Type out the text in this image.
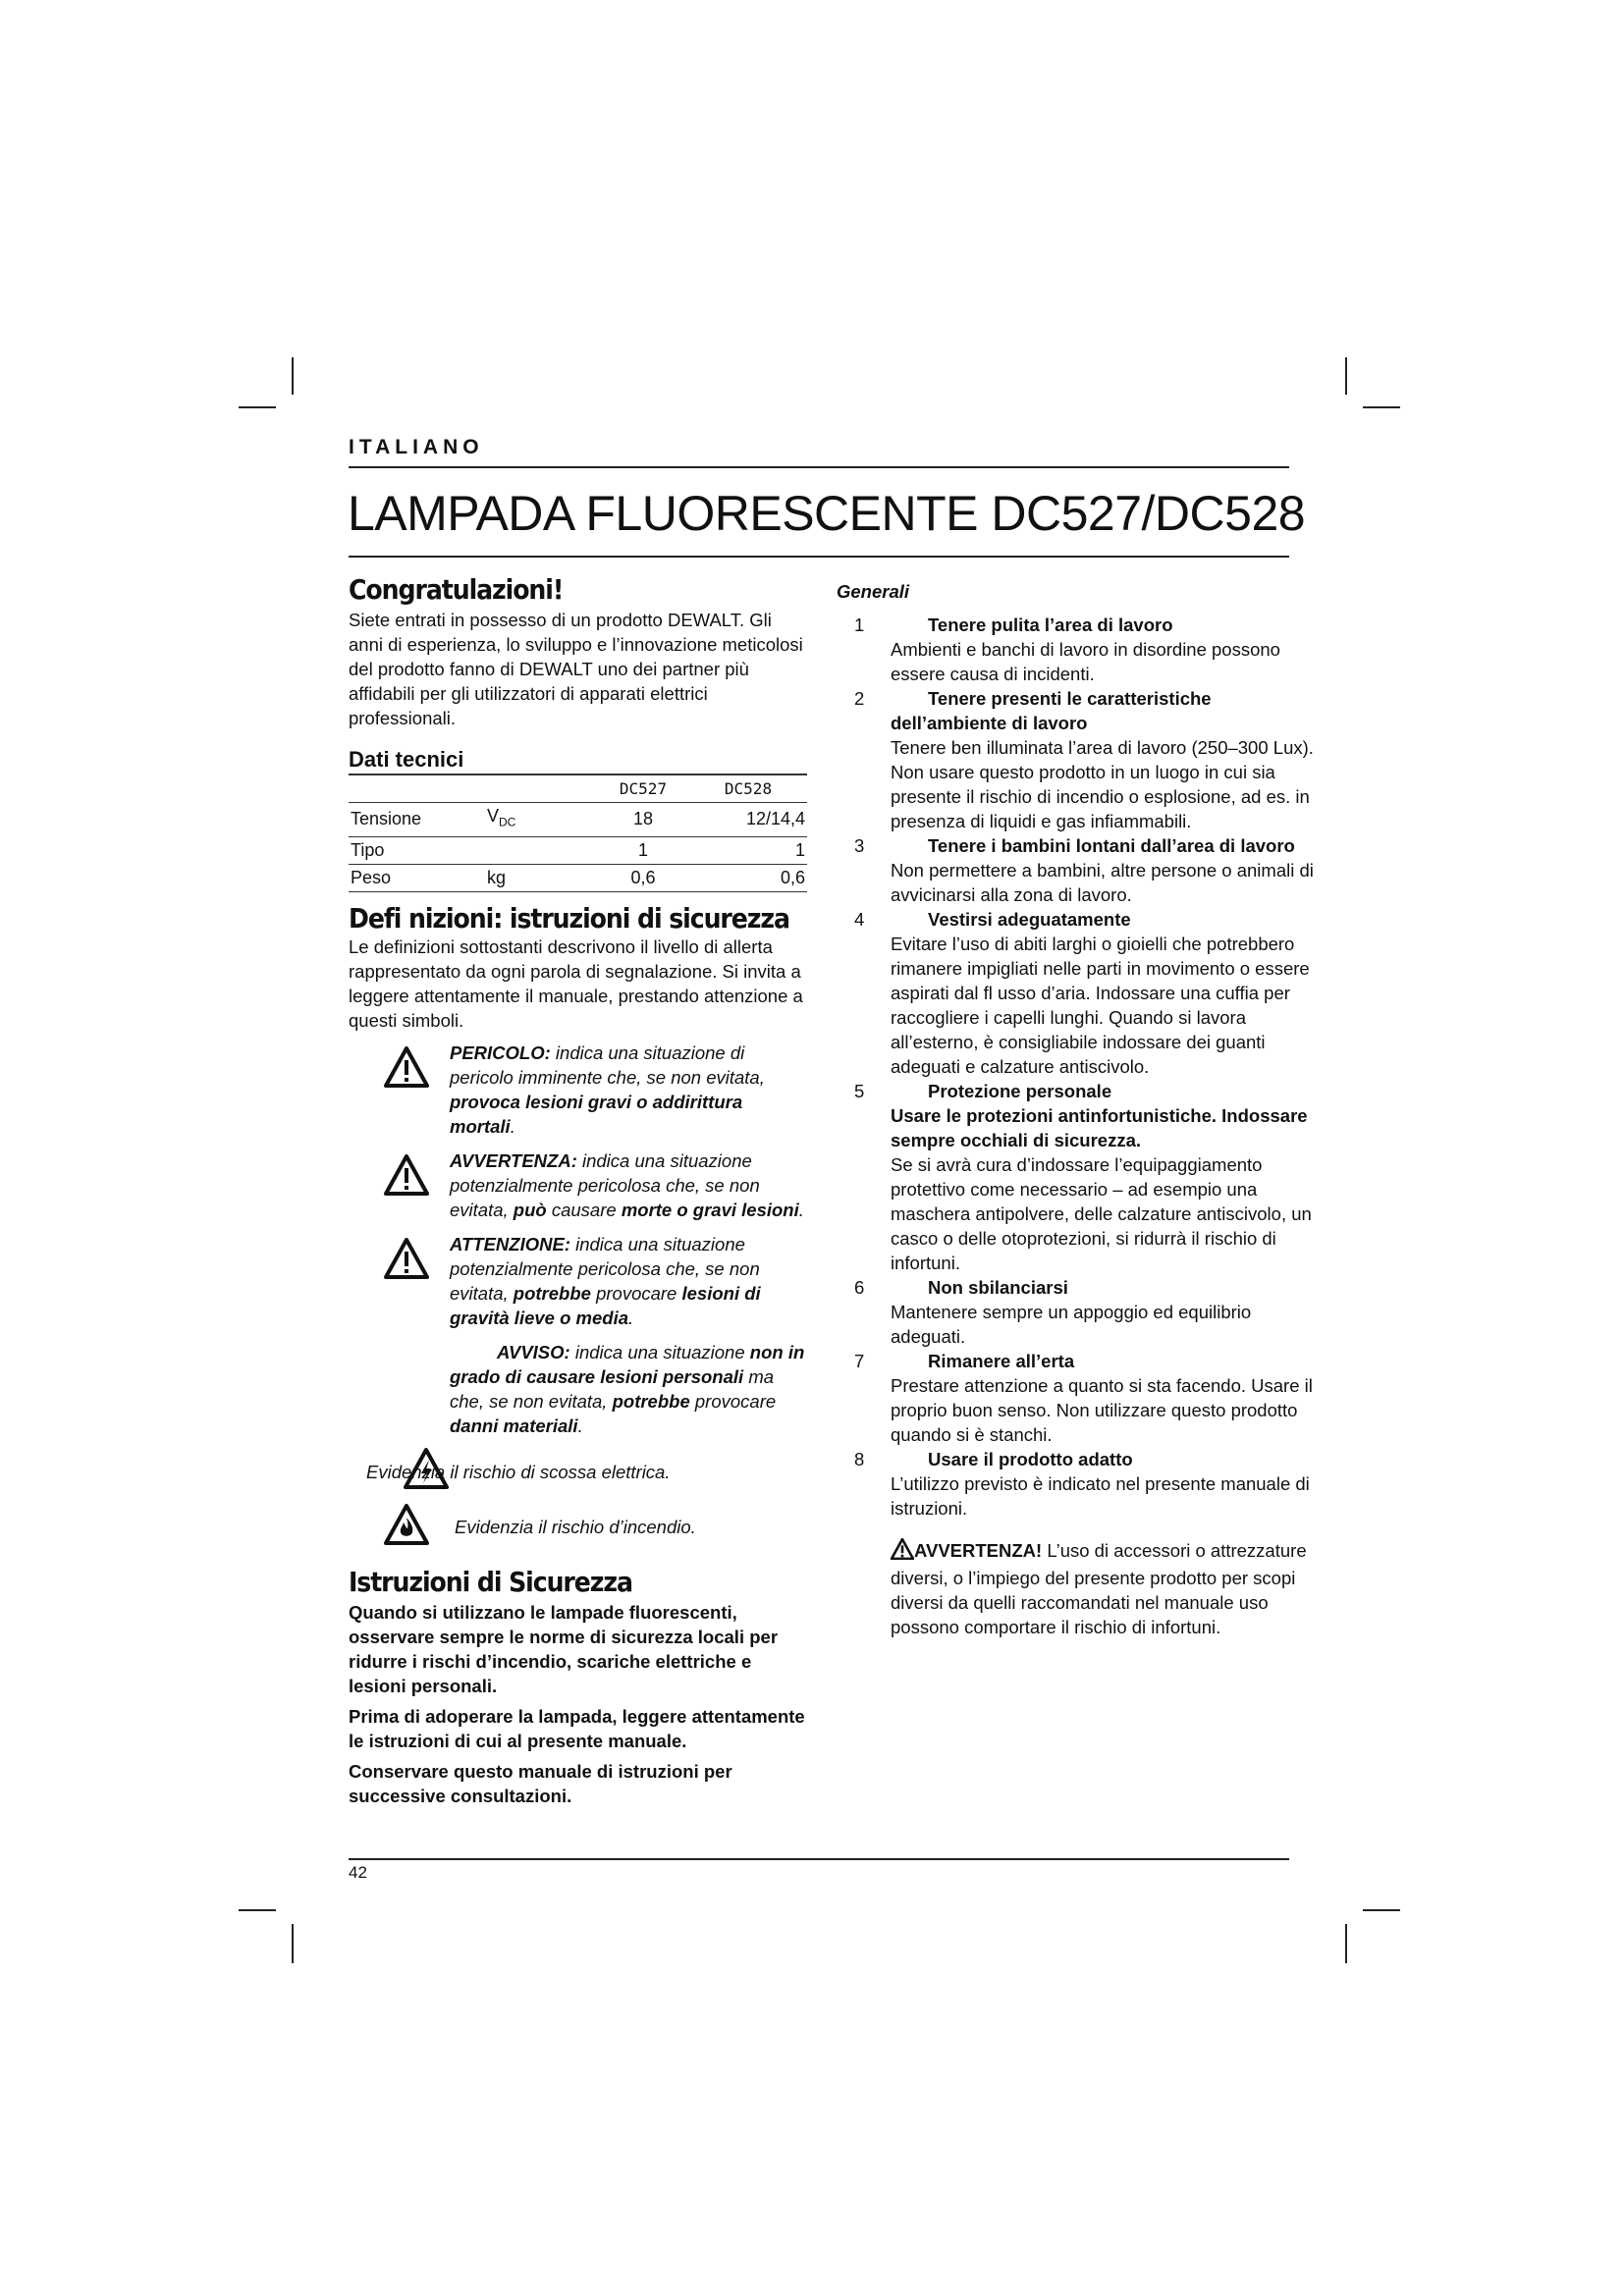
ITALIANO
LAMPADA FLUORESCENTE DC527/DC528
Congratulazioni!

Siete entrati in possesso di un prodotto DEWALT. Gli anni di esperienza, lo sviluppo e l’innovazione meticolosi del prodotto fanno di DEWALT uno dei partner più affidabili per gli utilizzatori di apparati elettrici professionali.

Dati tecnici
		DC527	DC528
Tensione	$V_{DC}$	18	12/14,4
Tipo		1	1
Peso	kg	0,6	0,6
Defi nizioni: istruzioni di sicurezza

Le definizioni sottostanti descrivono il livello di allerta rappresentato da ogni parola di segnalazione. Si invita a leggere attentamente il manuale, prestando attenzione a questi simboli.

PERICOLO: indica una situazione di pericolo imminente che, se non evitata, provoca lesioni gravi o addirittura mortali.
AVVERTENZA: indica una situazione potenzialmente pericolosa che, se non evitata, può causare morte o gravi lesioni.
ATTENZIONE: indica una situazione potenzialmente pericolosa che, se non evitata, potrebbe provocare lesioni di gravità lieve o media.
AVVISO: indica una situazione non in grado di causare lesioni personali ma che, se non evitata, potrebbe provocare danni materiali.
Evidenzia il rischio di scossa elettrica.
Evidenzia il rischio d’incendio.
Istruzioni di Sicurezza

Quando si utilizzano le lampade fluorescenti, osservare sempre le norme di sicurezza locali per ridurre i rischi d’incendio, scariche elettriche e lesioni personali.

Prima di adoperare la lampada, leggere attentamente le istruzioni di cui al presente manuale.

Conservare questo manuale di istruzioni per successive consultazioni.

Generali
1	Tenere pulita l’area di lavoro

Ambienti e banchi di lavoro in disordine possono essere causa di incidenti.

2	Tenere presenti le caratteristiche dell’ambiente di lavoro

Tenere ben illuminata l’area di lavoro (250–300 Lux). Non usare questo prodotto in un luogo in cui sia presente il rischio di incendio o esplosione, ad es. in presenza di liquidi e gas infiammabili.

3	Tenere i bambini lontani dall’area di lavoro

Non permettere a bambini, altre persone o animali di avvicinarsi alla zona di lavoro.

4	Vestirsi adeguatamente

Evitare l’uso di abiti larghi o gioielli che potrebbero rimanere impigliati nelle parti in movimento o essere aspirati dal fl usso d’aria. Indossare una cuffia per raccogliere i capelli lunghi. Quando si lavora all’esterno, è consigliabile indossare dei guanti adeguati e calzature antiscivolo.

5	Protezione personale

Usare le protezioni antinfortunistiche. Indossare sempre occhiali di sicurezza.

Se si avrà cura d’indossare l’equipaggiamento protettivo come necessario – ad esempio una maschera antipolvere, delle calzature antiscivolo, un casco o delle otoprotezioni, si ridurrà il rischio di infortuni.

6	Non sbilanciarsi

Mantenere sempre un appoggio ed equilibrio adeguati.

7	Rimanere all’erta

Prestare attenzione a quanto si sta facendo. Usare il proprio buon senso. Non utilizzare questo prodotto quando si è stanchi.

8	Usare il prodotto adatto

L’utilizzo previsto è indicato nel presente manuale di istruzioni.

AVVERTENZA! L’uso di accessori o attrezzature diversi, o l’impiego del presente prodotto per scopi diversi da quelli raccomandati nel manuale uso possono comportare il rischio di infortuni.
42
